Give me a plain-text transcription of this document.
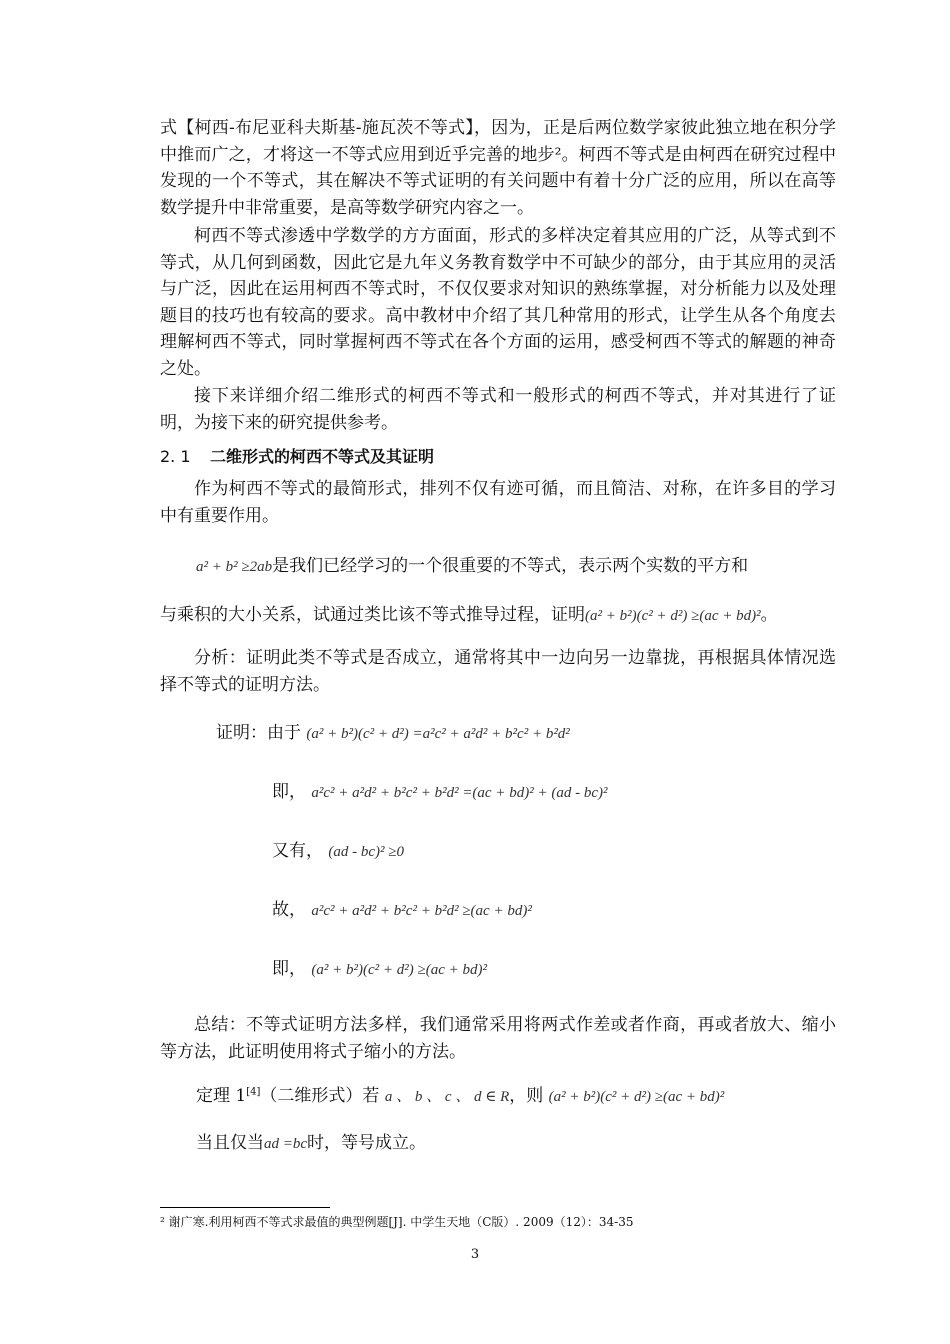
式【柯西-布尼亚科夫斯基-施瓦茨不等式】，因为，正是后两位数学家彼此独立地在积分学中推而广之，才将这一不等式应用到近乎完善的地步²。柯西不等式是由柯西在研究过程中发现的一个不等式，其在解决不等式证明的有关问题中有着十分广泛的应用，所以在高等数学提升中非常重要，是高等数学研究内容之一。

柯西不等式渗透中学数学的方方面面，形式的多样决定着其应用的广泛，从等式到不等式，从几何到函数，因此它是九年义务教育数学中不可缺少的部分，由于其应用的灵活与广泛，因此在运用柯西不等式时，不仅仅要求对知识的熟练掌握，对分析能力以及处理题目的技巧也有较高的要求。高中教材中介绍了其几种常用的形式，让学生从各个角度去理解柯西不等式，同时掌握柯西不等式在各个方面的运用，感受柯西不等式的解题的神奇之处。

接下来详细介绍二维形式的柯西不等式和一般形式的柯西不等式，并对其进行了证明，为接下来的研究提供参考。

2. 1 二维形式的柯西不等式及其证明

作为柯西不等式的最简形式，排列不仅有迹可循，而且简洁、对称，在许多目的学习中有重要作用。

a² + b² ≥2ab是我们已经学习的一个很重要的不等式，表示两个实数的平方和

与乘积的大小关系，试通过类比该不等式推导过程，证明(a² + b²)(c² + d²) ≥(ac + bd)²。

分析：证明此类不等式是否成立，通常将其中一边向另一边靠拢，再根据具体情况选择不等式的证明方法。

证明：由于 (a² + b²)(c² + d²) =a²c² + a²d² + b²c² + b²d²

即， a²c² + a²d² + b²c² + b²d² =(ac + bd)² + (ad - bc)²

又有， (ad - bc)² ≥0

故， a²c² + a²d² + b²c² + b²d² ≥(ac + bd)²

即， (a² + b²)(c² + d²) ≥(ac + bd)²

总结：不等式证明方法多样，我们通常采用将两式作差或者作商，再或者放大、缩小等方法，此证明使用将式子缩小的方法。

定理 1[4]（二维形式）若 a 、 b 、 c 、 d ∈ R，则 (a² + b²)(c² + d²) ≥(ac + bd)²

当且仅当ad =bc时，等号成立。

² 谢广寒.利用柯西不等式求最值的典型例题[J]. 中学生天地（C版）. 2009（12）：34-35
3
